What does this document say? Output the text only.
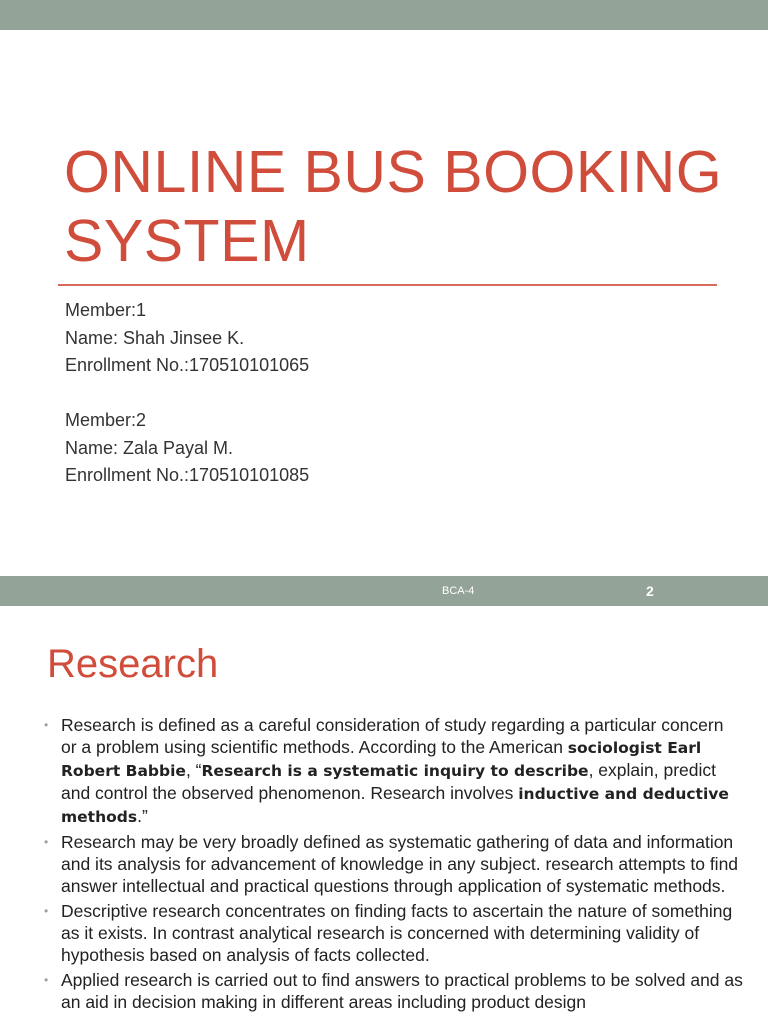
ONLINE BUS BOOKING
SYSTEM
Member:1
Name: Shah Jinsee K.
Enrollment No.:170510101065
Member:2
Name: Zala Payal M.
Enrollment No.:170510101085
BCA-4	2
Research
• Research is defined as a careful consideration of study regarding a particular concern or a problem using scientific methods. According to the American sociologist Earl Robert Babbie, “Research is a systematic inquiry to describe, explain, predict and control the observed phenomenon. Research involves inductive and deductive methods.”
• Research may be very broadly defined as systematic gathering of data and information and its analysis for advancement of knowledge in any subject. research attempts to find answer intellectual and practical questions through application of systematic methods.
• Descriptive research concentrates on finding facts to ascertain the nature of something as it exists. In contrast analytical research is concerned with determining validity of hypothesis based on analysis of facts collected.
• Applied research is carried out to find answers to practical problems to be solved and as an aid in decision making in different areas including product design
